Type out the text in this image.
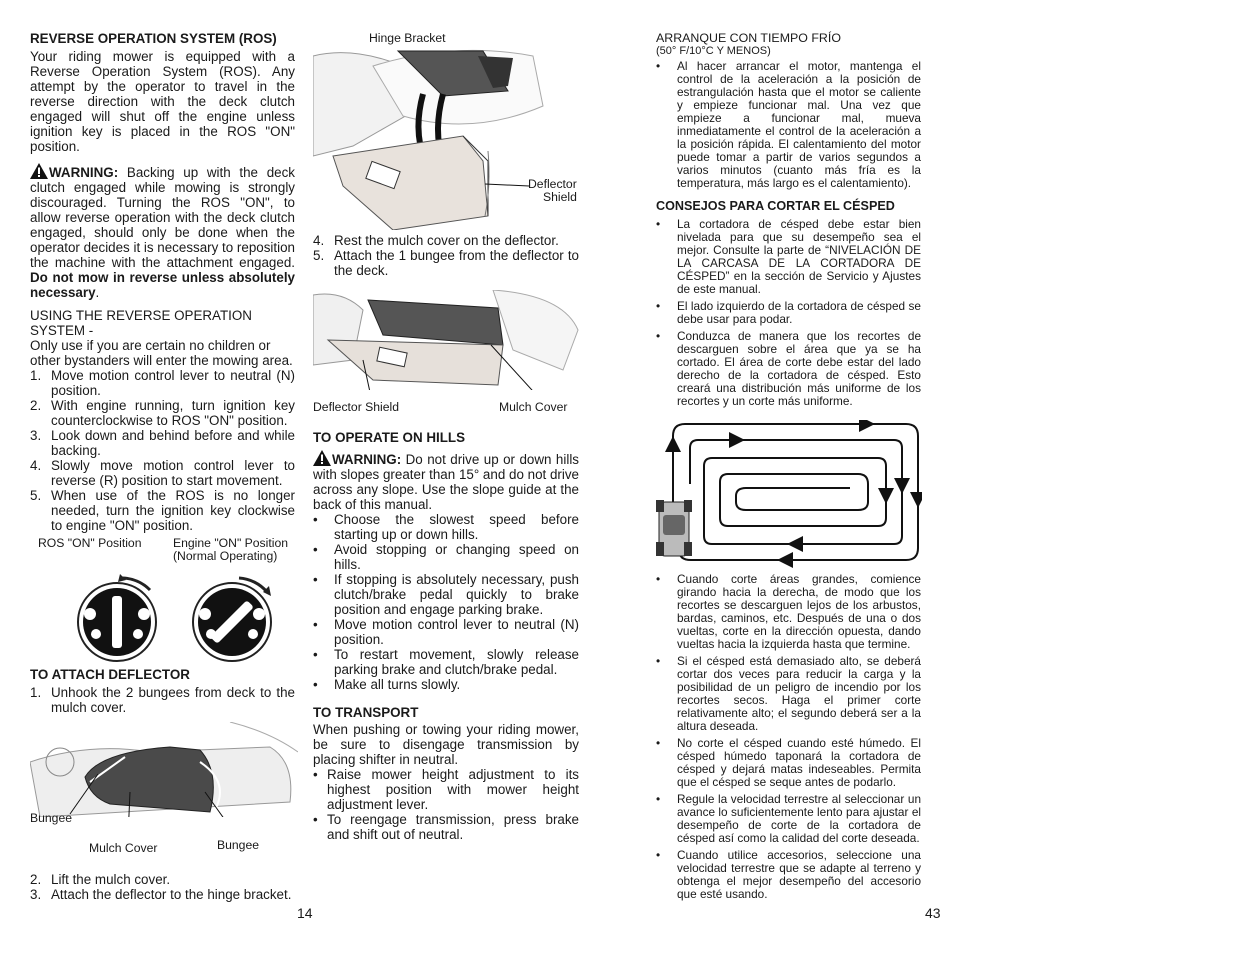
REVERSE OPERATION SYSTEM (ROS)

Your riding mower is equipped with a Reverse Operation System (ROS). Any attempt by the operator to travel in the reverse direction with the deck clutch engaged will shut off the engine unless ignition key is placed in the ROS "ON" position.

WARNING: Backing up with the deck clutch engaged while mowing is strongly discouraged. Turning the ROS "ON", to allow reverse operation with the deck clutch engaged, should only be done when the operator decides it is necessary to reposition the machine with the attachment engaged. Do not mow in reverse unless absolutely necessary.

USING THE REVERSE OPERATION SYSTEM -

Only use if you are certain no children or other bystanders will enter the mowing area.

1. Move motion control lever to neutral (N) position.
2. With engine running, turn ignition key counterclockwise to ROS "ON" position.
3. Look down and behind before and while backing.
4. Slowly move motion control lever to reverse (R) position to start movement.
5. When use of the ROS is no longer needed, turn the ignition key clockwise to engine "ON" position.
ROS "ON" Position	Engine "ON" Position
(Normal Operating)
TO ATTACH DEFLECTOR
1. Unhook the 2 bungees from deck to the mulch cover.
Bungee
Mulch Cover	Bungee
2. Lift the mulch cover.
3. Attach the deflector to the hinge bracket.
14
Hinge Bracket
Deflector
Shield
4. Rest the mulch cover on the deflector.
5. Attach the 1 bungee from the deflector to the deck.
Deflector Shield	Mulch Cover
TO OPERATE ON HILLS

WARNING: Do not drive up or down hills with slopes greater than 15° and do not drive across any slope. Use the slope guide at the back of this manual.

• Choose the slowest speed before starting up or down hills.
• Avoid stopping or changing speed on hills.
• If stopping is absolutely necessary, push clutch/brake pedal quickly to brake position and engage parking brake.
• Move motion control lever to neutral (N) position.
• To restart movement, slowly release parking brake and clutch/brake pedal.
• Make all turns slowly.
TO TRANSPORT

When pushing or towing your riding mower, be sure to disengage transmission by placing shifter in neutral.

• Raise mower height adjustment to its highest position with mower height adjustment lever.
• To reengage transmission, press brake and shift out of neutral.

ARRANQUE CON TIEMPO FRÍO

(50° F/10°C Y MENOS)

• Al hacer arrancar el motor, mantenga el control de la aceleración a la posición de estrangulación hasta que el motor se caliente y empieze funcionar mal. Una vez que empieze a funcionar mal, mueva inmediatamente el control de la aceleración a la posición rápida. El calentamiento del motor puede tomar a partir de varios segundos a varios minutos (cuanto más fría es la temperatura, más largo es el calentamiento).
CONSEJOS PARA CORTAR EL CÉSPED
• La cortadora de césped debe estar bien nivelada para que su desempeño sea el mejor. Consulte la parte de “NIVELACIÓN DE LA CARCASA DE LA CORTADORA DE CÉSPED” en la sección de Servicio y Ajustes de este manual.
• El lado izquierdo de la cortadora de césped se debe usar para podar.
• Conduzca de manera que los recortes de descarguen sobre el área que ya se ha cortado. El área de corte debe estar del lado derecho de la cortadora de césped. Esto creará una distribución más uniforme de los recortes y un corte más uniforme.
• Cuando corte áreas grandes, comience girando hacia la derecha, de modo que los recortes se descarguen lejos de los arbustos, bardas, caminos, etc. Después de una o dos vueltas, corte en la dirección opuesta, dando vueltas hacia la izquierda hasta que termine.
• Si el césped está demasiado alto, se deberá cortar dos veces para reducir la carga y la posibilidad de un peligro de incendio por los recortes secos. Haga el primer corte relativamente alto; el segundo deberá ser a la altura deseada.
• No corte el césped cuando esté húmedo. El césped húmedo taponará la cortadora de césped y dejará matas indeseables. Permita que el césped se seque antes de podarlo.
• Regule la velocidad terrestre al seleccionar un avance lo suficientemente lento para ajustar el desempeño de corte de la cortadora de césped así como la calidad del corte deseada.
• Cuando utilice accesorios, seleccione una velocidad terrestre que se adapte al terreno y obtenga el mejor desempeño del accesorio que esté usando.
43
